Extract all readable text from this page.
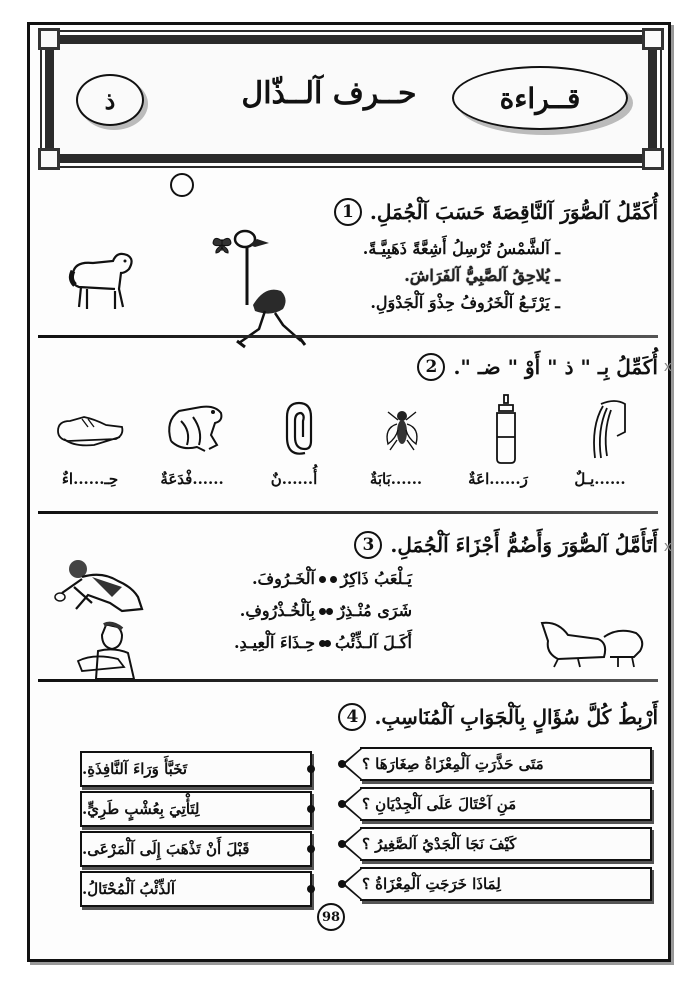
ذ	حــرف آلــذّال	قــراءة
1 أُكَمِّلُ آلصُّوَرَ آلنَّاقِصَةَ حَسَبَ آلْجُمَلِ.
ـ آلشَّمْسُ تُرْسِلُ أَشِعَّةً ذَهَبِيَّـةً.
ـ يُلاحِقُ آلصَّبِيُّ آلفَرَاشَ.
ـ يَرْتَـعُ آلْخَرُوفُ حِذْوَ آلْجَدْوَلِ.
2 أُكَمِّلُ بِـ " ذ " أَوْ " ضـ ". x
......يـلٌ
رَ......اعَةٌ
......بَابَةٌ
أُ......نٌ
......فْدَعَةٌ
حِـ......اءٌ
3 أَتَأَمَّلُ آلصُّوَرَ وَأَضُمُّ أَجْزَاءَ آلْجُمَلِ. x
يَـلْعَبُ ذَاكِرٌ
شَرَى مُنْـذِرٌ
أَكَـلَ آلـذِّئْبُ
آلْخَـرُوفَ.
بِآلْخُـذْرُوفِ.
حِـذَاءَ آلْعِيـدِ.
4 أَرْبِطُ كُلَّ سُؤَالٍ بِآلْجَوَابِ آلْمُنَاسِبِ.
مَتَى حَذَّرَتِ آلْمِعْزَاةُ صِغَارَهَا ؟
مَنِ آحْتَالَ عَلَى آلْجِدْيَانِ ؟
كَيْفَ نَجَا آلْجَدْيُ آلصَّغِيرُ ؟
لِمَاذَا خَرَجَتِ آلْمِعْزَاةُ ؟
تَخَبَّأَ وَرَاءَ آلنَّافِذَةِ.
لِتَأْتِيَ بِعُشْبٍ طَرِيٍّ.
قَبْلَ أَنْ تَذْهَبَ إِلَى آلْمَرْعَى.
آلذِّئْبُ آلْمُحْتَالُ.
98
